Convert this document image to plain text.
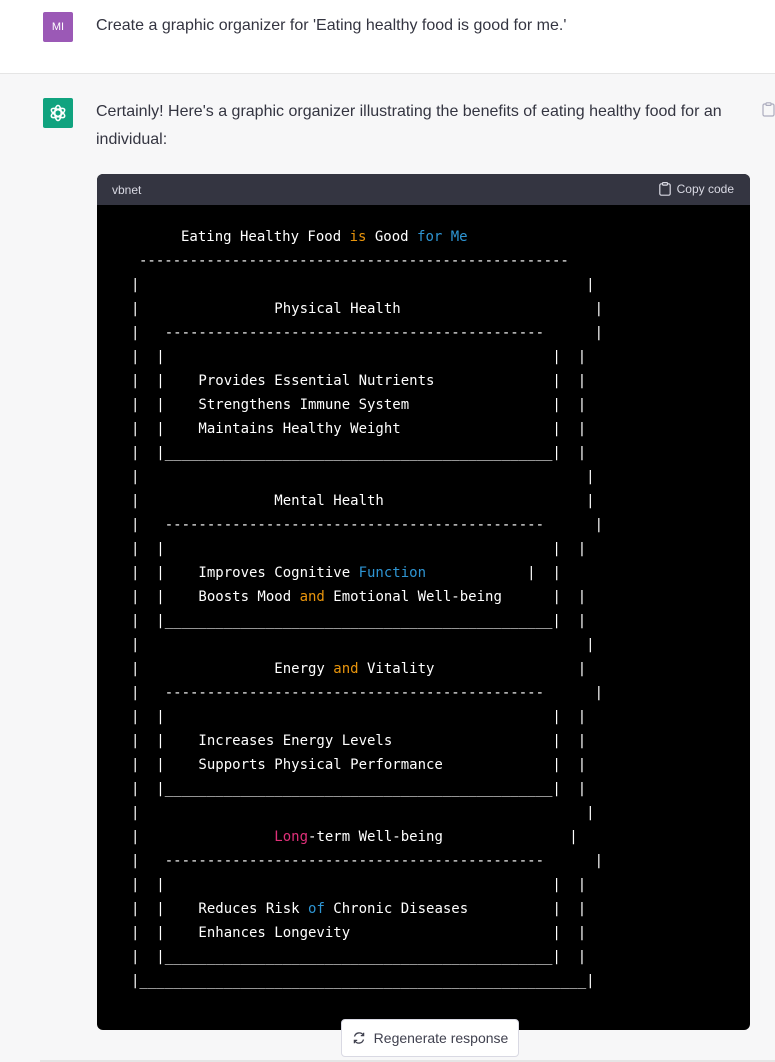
MI	Create a graphic organizer for 'Eating healthy food is good for me.'
Certainly! Here's a graphic organizer illustrating the benefits of eating healthy food for an individual:
vbnet	Copy code
Eating Healthy Food is Good for Me
---------------------------------------------------
|                                                     |
|                Physical Health                       |
|   ---------------------------------------------      |
|  |                                              |  |
|  |    Provides Essential Nutrients              |  |
|  |    Strengthens Immune System                 |  |
|  |    Maintains Healthy Weight                  |  |
|  |______________________________________________|  |
|                                                     |
|                Mental Health                        |
|   ---------------------------------------------      |
|  |                                              |  |
|  |    Improves Cognitive Function            |  |
|  |    Boosts Mood and Emotional Well-being      |  |
|  |______________________________________________|  |
|                                                     |
|                Energy and Vitality                 |
|   ---------------------------------------------      |
|  |                                              |  |
|  |    Increases Energy Levels                   |  |
|  |    Supports Physical Performance             |  |
|  |______________________________________________|  |
|                                                     |
|                Long-term Well-being               |
|   ---------------------------------------------      |
|  |                                              |  |
|  |    Reduces Risk of Chronic Diseases          |  |
|  |    Enhances Longevity                        |  |
|  |______________________________________________|  |
|_____________________________________________________|
Regenerate response
